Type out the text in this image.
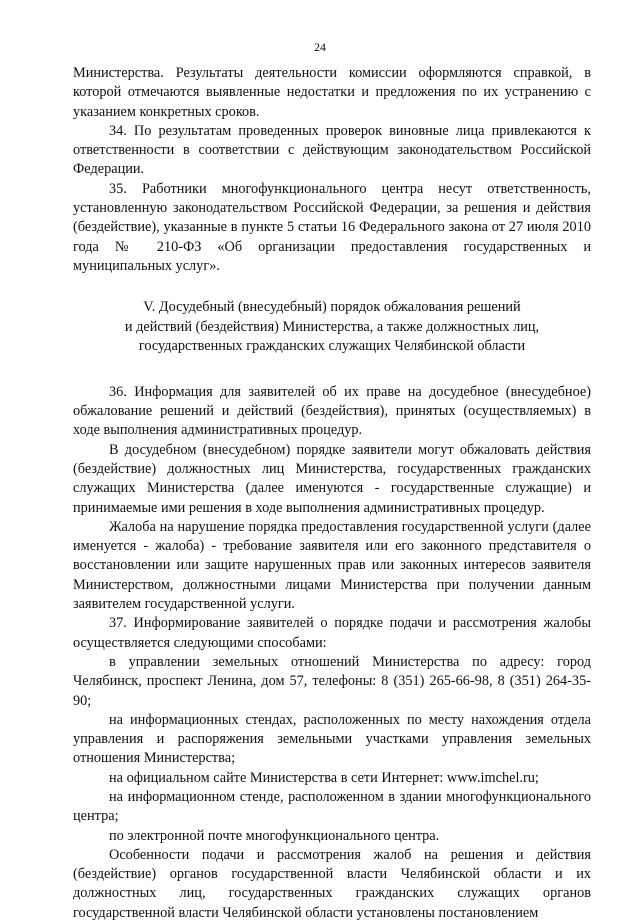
24

Министерства. Результаты деятельности комиссии оформляются справкой, в которой отмечаются выявленные недостатки и предложения по их устранению с указанием конкретных сроков.

34. По результатам проведенных проверок виновные лица привлекаются к ответственности в соответствии с действующим законодательством Российской Федерации.

35. Работники многофункционального центра несут ответственность, установленную законодательством Российской Федерации, за решения и действия (бездействие), указанные в пункте 5 статьи 16 Федерального закона от 27 июля 2010 года № 210-ФЗ «Об организации предоставления государственных и муниципальных услуг».

V. Досудебный (внесудебный) порядок обжалования решений
и действий (бездействия) Министерства, а также должностных лиц,
государственных гражданских служащих Челябинской области

36. Информация для заявителей об их праве на досудебное (внесудебное) обжалование решений и действий (бездействия), принятых (осуществляемых) в ходе выполнения административных процедур.

В досудебном (внесудебном) порядке заявители могут обжаловать действия (бездействие) должностных лиц Министерства, государственных гражданских служащих Министерства (далее именуются - государственные служащие) и принимаемые ими решения в ходе выполнения административных процедур.

Жалоба на нарушение порядка предоставления государственной услуги (далее именуется - жалоба) - требование заявителя или его законного представителя о восстановлении или защите нарушенных прав или законных интересов заявителя Министерством, должностными лицами Министерства при получении данным заявителем государственной услуги.

37. Информирование заявителей о порядке подачи и рассмотрения жалобы осуществляется следующими способами:

в управлении земельных отношений Министерства по адресу: город Челябинск, проспект Ленина, дом 57, телефоны: 8 (351) 265-66-98, 8 (351) 264-35-90;

на информационных стендах, расположенных по месту нахождения отдела управления и распоряжения земельными участками управления земельных отношения Министерства;

на официальном сайте Министерства в сети Интернет: www.imchel.ru;

на информационном стенде, расположенном в здании многофункционального центра;

по электронной почте многофункционального центра.

Особенности подачи и рассмотрения жалоб на решения и действия (бездействие) органов государственной власти Челябинской области и их должностных лиц, государственных гражданских служащих органов государственной власти Челябинской области установлены постановлением
